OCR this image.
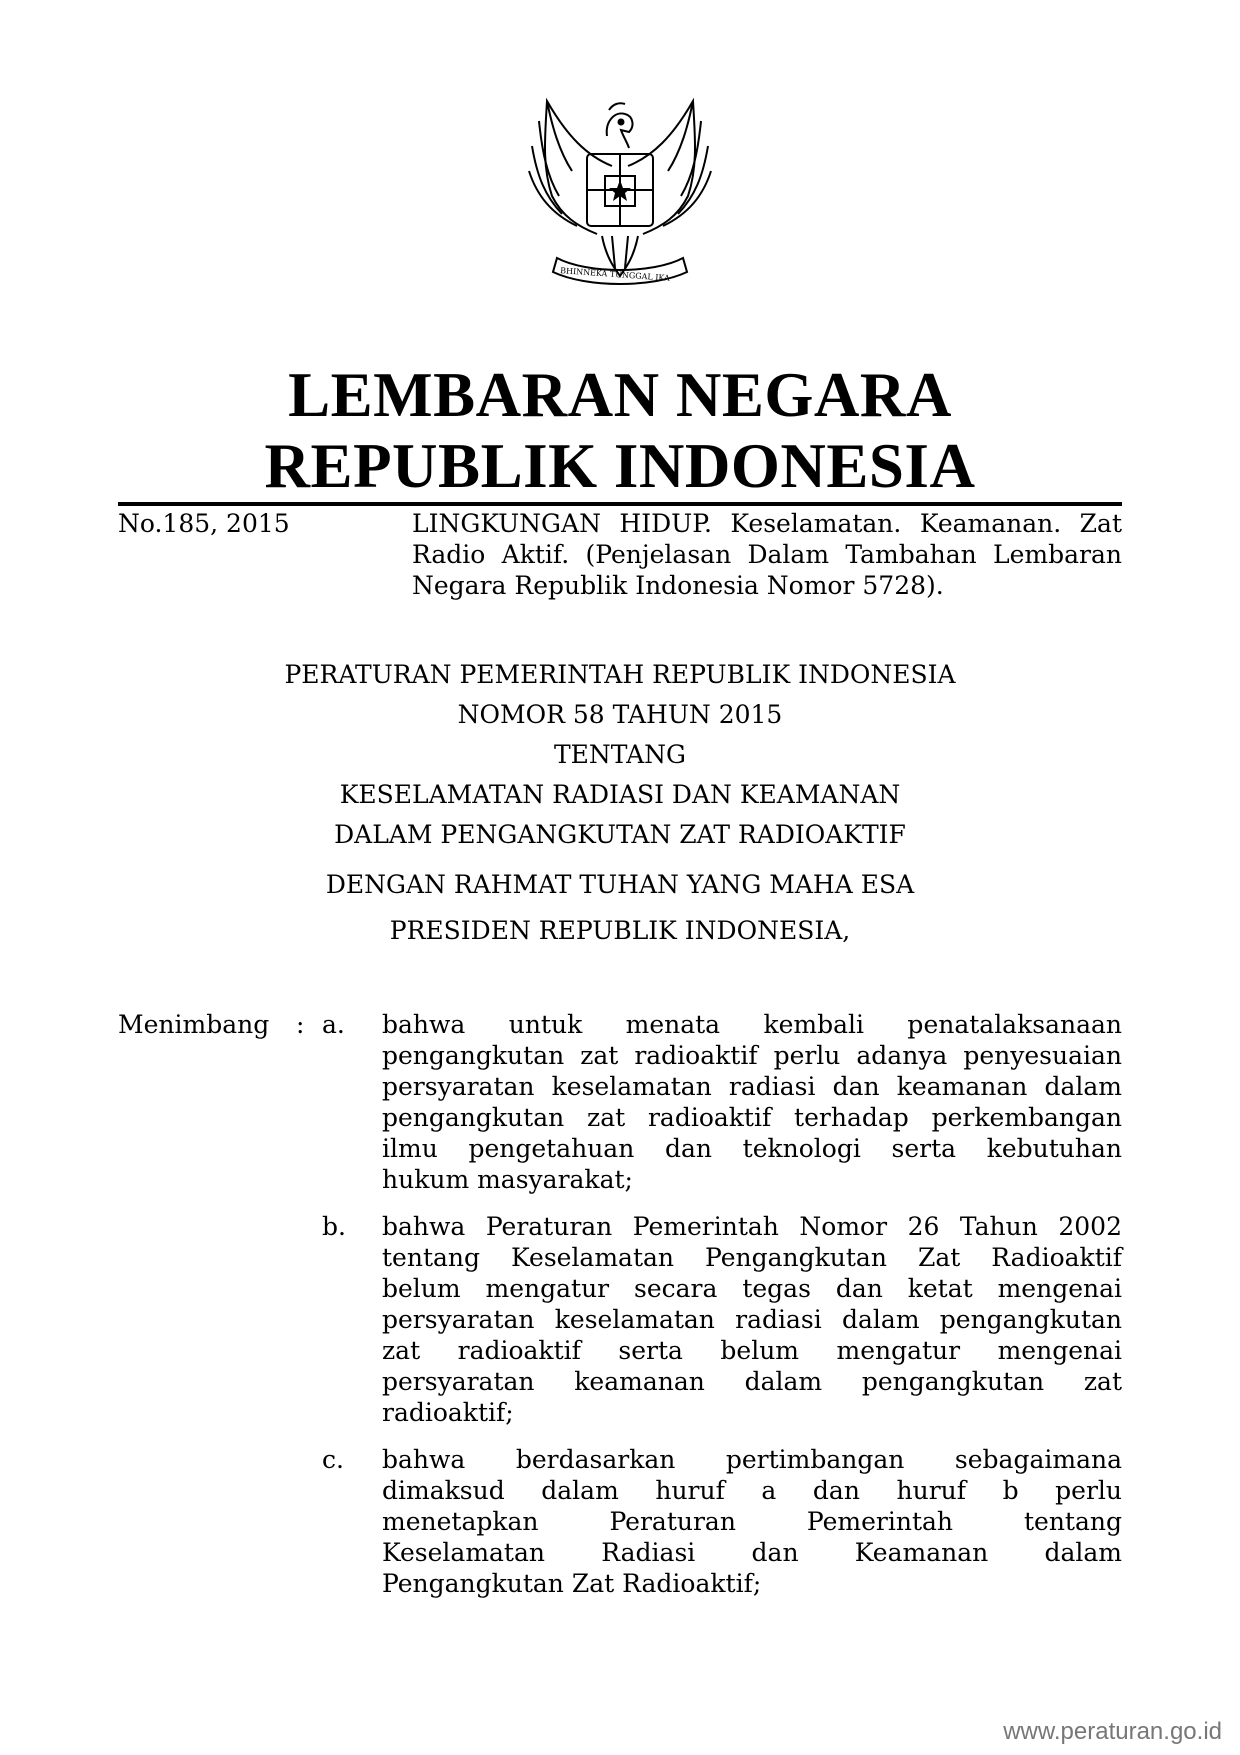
BHINNEKA TUNGGAL IKA
LEMBARAN NEGARA
REPUBLIK INDONESIA
No.185, 2015	LINGKUNGAN HIDUP. Keselamatan. Keamanan. Zat
Radio Aktif. (Penjelasan Dalam Tambahan Lembaran
Negara Republik Indonesia Nomor 5728).
PERATURAN PEMERINTAH REPUBLIK INDONESIA
NOMOR 58 TAHUN 2015
TENTANG
KESELAMATAN RADIASI DAN KEAMANAN
DALAM PENGANGKUTAN ZAT RADIOAKTIF
DENGAN RAHMAT TUHAN YANG MAHA ESA
PRESIDEN REPUBLIK INDONESIA,
Menimbang : a. bahwa untuk menata kembali penatalaksanaan
pengangkutan zat radioaktif perlu adanya penyesuaian
persyaratan keselamatan radiasi dan keamanan dalam
pengangkutan zat radioaktif terhadap perkembangan
ilmu pengetahuan dan teknologi serta kebutuhan
hukum masyarakat;
b. bahwa Peraturan Pemerintah Nomor 26 Tahun 2002
tentang Keselamatan Pengangkutan Zat Radioaktif
belum mengatur secara tegas dan ketat mengenai
persyaratan keselamatan radiasi dalam pengangkutan
zat radioaktif serta belum mengatur mengenai
persyaratan keamanan dalam pengangkutan zat
radioaktif;
c. bahwa berdasarkan pertimbangan sebagaimana
dimaksud dalam huruf a dan huruf b perlu
menetapkan Peraturan Pemerintah tentang
Keselamatan Radiasi dan Keamanan dalam
Pengangkutan Zat Radioaktif;
www.peraturan.go.id
